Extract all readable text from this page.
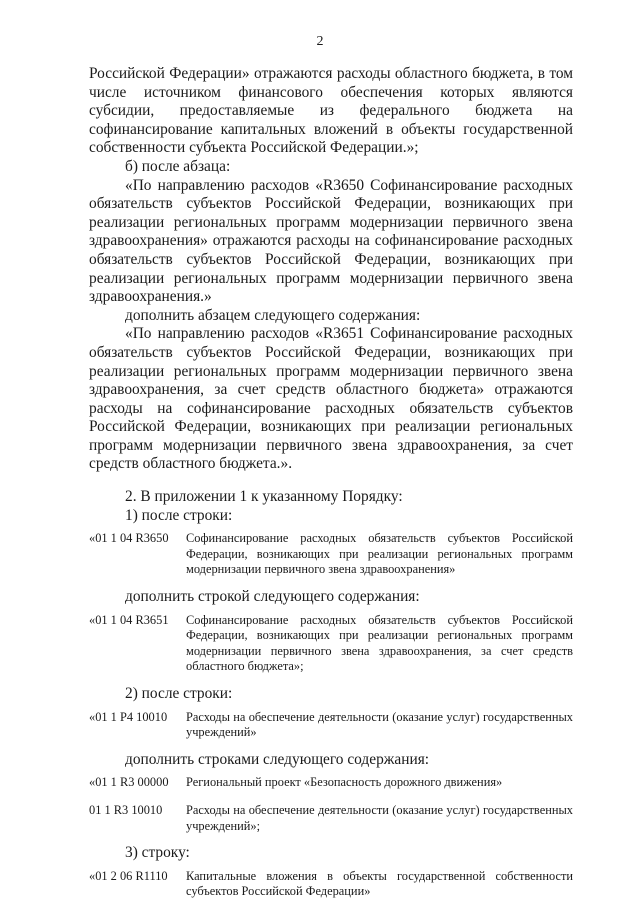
2

Российской Федерации» отражаются расходы областного бюджета, в том числе источником финансового обеспечения которых являются субсидии, предоставляемые из федерального бюджета на софинансирование капитальных вложений в объекты государственной собственности субъекта Российской Федерации.»;

б) после абзаца:

«По направлению расходов «R3650 Софинансирование расходных обязательств субъектов Российской Федерации, возникающих при реализации региональных программ модернизации первичного звена здравоохранения» отражаются расходы на софинансирование расходных обязательств субъектов Российской Федерации, возникающих при реализации региональных программ модернизации первичного звена здравоохранения.»

дополнить абзацем следующего содержания:

«По направлению расходов «R3651 Софинансирование расходных обязательств субъектов Российской Федерации, возникающих при реализации региональных программ модернизации первичного звена здравоохранения, за счет средств областного бюджета» отражаются расходы на софинансирование расходных обязательств субъектов Российской Федерации, возникающих при реализации региональных программ модернизации первичного звена здравоохранения, за счет средств областного бюджета.».

2. В приложении 1 к указанному Порядку:

1) после строки:

«01 1 04 R3650	Софинансирование расходных обязательств субъектов Российской Федерации, возникающих при реализации региональных программ модернизации первичного звена здравоохранения»

дополнить строкой следующего содержания:

«01 1 04 R3651	Софинансирование расходных обязательств субъектов Российской Федерации, возникающих при реализации региональных программ модернизации первичного звена здравоохранения, за счет средств областного бюджета»;

2) после строки:

«01 1 P4 10010	Расходы на обеспечение деятельности (оказание услуг) государственных учреждений»

дополнить строками следующего содержания:

«01 1 R3 00000	Региональный проект «Безопасность дорожного движения»
01 1 R3 10010	Расходы на обеспечение деятельности (оказание услуг) государственных учреждений»;

3) строку:

«01 2 06 R1110	Капитальные вложения в объекты государственной собственности субъектов Российской Федерации»
